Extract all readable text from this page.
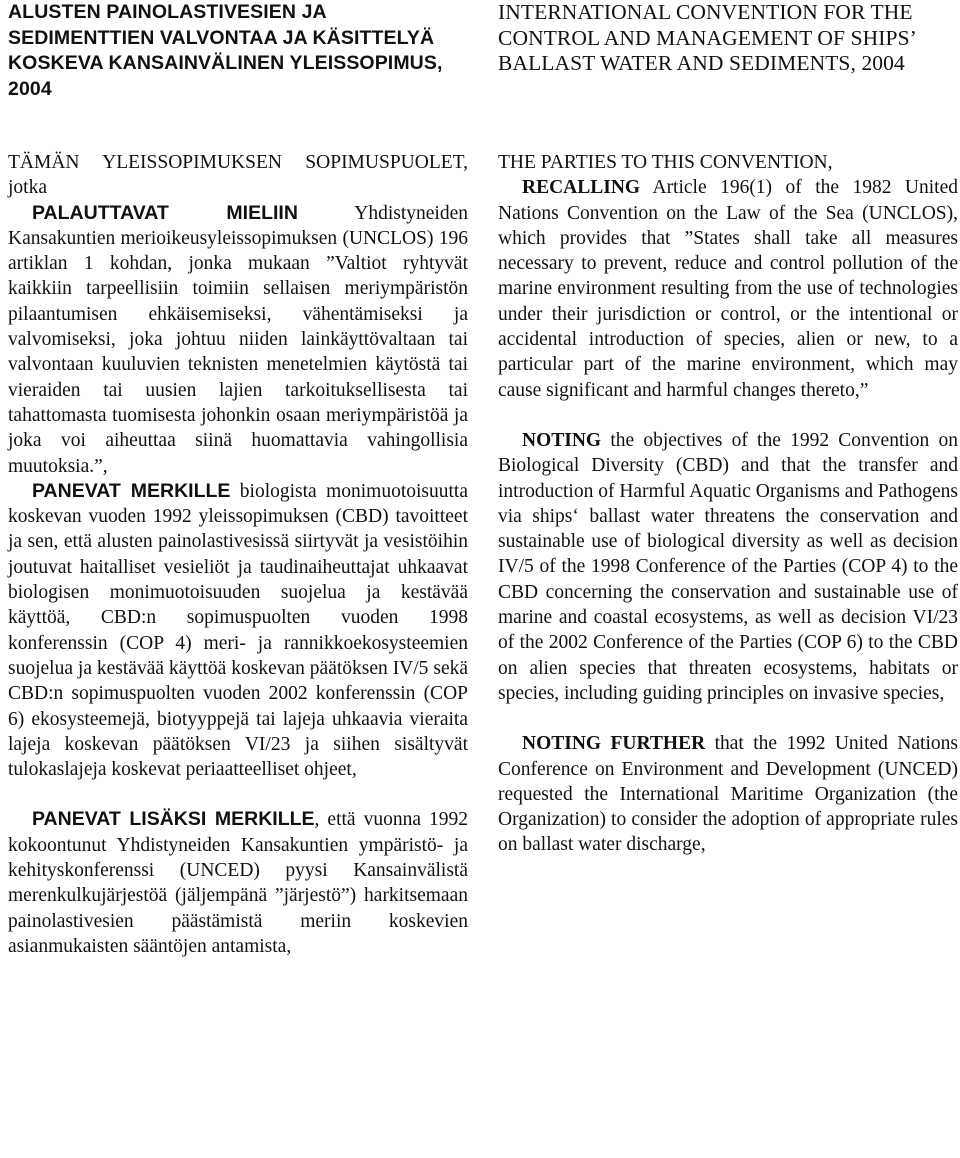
ALUSTEN PAINOLASTIVESIEN JA SEDIMENTTIEN VALVONTAA JA KÄSITTELYÄ KOSKEVA KANSAINVÄLINEN YLEISSOPIMUS, 2004

TÄMÄN YLEISSOPIMUKSEN SOPIMUSPUOLET, jotka

PALAUTTAVAT MIELIIN Yhdistyneiden Kansakuntien merioikeusyleissopimuksen (UNCLOS) 196 artiklan 1 kohdan, jonka mukaan ”Valtiot ryhtyvät kaikkiin tarpeellisiin toimiin sellaisen meriympäristön pilaantumisen ehkäisemiseksi, vähentämiseksi ja valvomiseksi, joka johtuu niiden lainkäyttövaltaan tai valvontaan kuuluvien teknisten menetelmien käytöstä tai vieraiden tai uusien lajien tarkoituksellisesta tai tahattomasta tuomisesta johonkin osaan meriympäristöä ja joka voi aiheuttaa siinä huomattavia vahingollisia muutoksia.”,

PANEVAT MERKILLE biologista monimuotoisuutta koskevan vuoden 1992 yleissopimuksen (CBD) tavoitteet ja sen, että alusten painolastivesissä siirtyvät ja vesistöihin joutuvat haitalliset vesieliöt ja taudinaiheuttajat uhkaavat biologisen monimuotoisuuden suojelua ja kestävää käyttöä, CBD:n sopimuspuolten vuoden 1998 konferenssin (COP 4) meri- ja rannikkoekosysteemien suojelua ja kestävää käyttöä koskevan päätöksen IV/5 sekä CBD:n sopimuspuolten vuoden 2002 konferenssin (COP 6) ekosysteemejä, biotyyppejä tai lajeja uhkaavia vieraita lajeja koskevan päätöksen VI/23 ja siihen sisältyvät tulokaslajeja koskevat periaatteelliset ohjeet,

PANEVAT LISÄKSI MERKILLE, että vuonna 1992 kokoontunut Yhdistyneiden Kansakuntien ympäristö- ja kehityskonferenssi (UNCED) pyysi Kansainvälistä merenkulkujärjestöä (jäljempänä ”järjestö”) harkitsemaan painolastivesien päästämistä meriin koskevien asianmukaisten sääntöjen antamista,

INTERNATIONAL CONVENTION FOR THE CONTROL AND MANAGEMENT OF SHIPS’ BALLAST WATER AND SEDIMENTS, 2004

THE PARTIES TO THIS CONVENTION,

RECALLING Article 196(1) of the 1982 United Nations Convention on the Law of the Sea (UNCLOS), which provides that ”States shall take all measures necessary to prevent, reduce and control pollution of the marine environment resulting from the use of technologies under their jurisdiction or control, or the intentional or accidental introduction of species, alien or new, to a particular part of the marine environment, which may cause significant and harmful changes thereto,”

NOTING the objectives of the 1992 Convention on Biological Diversity (CBD) and that the transfer and introduction of Harmful Aquatic Organisms and Pathogens via ships‘ ballast water threatens the conservation and sustainable use of biological diversity as well as decision IV/5 of the 1998 Conference of the Parties (COP 4) to the CBD concerning the conservation and sustainable use of marine and coastal ecosystems, as well as decision VI/23 of the 2002 Conference of the Parties (COP 6) to the CBD on alien species that threaten ecosystems, habitats or species, including guiding principles on invasive species,

NOTING FURTHER that the 1992 United Nations Conference on Environment and Development (UNCED) requested the International Maritime Organization (the Organization) to consider the adoption of appropriate rules on ballast water discharge,
